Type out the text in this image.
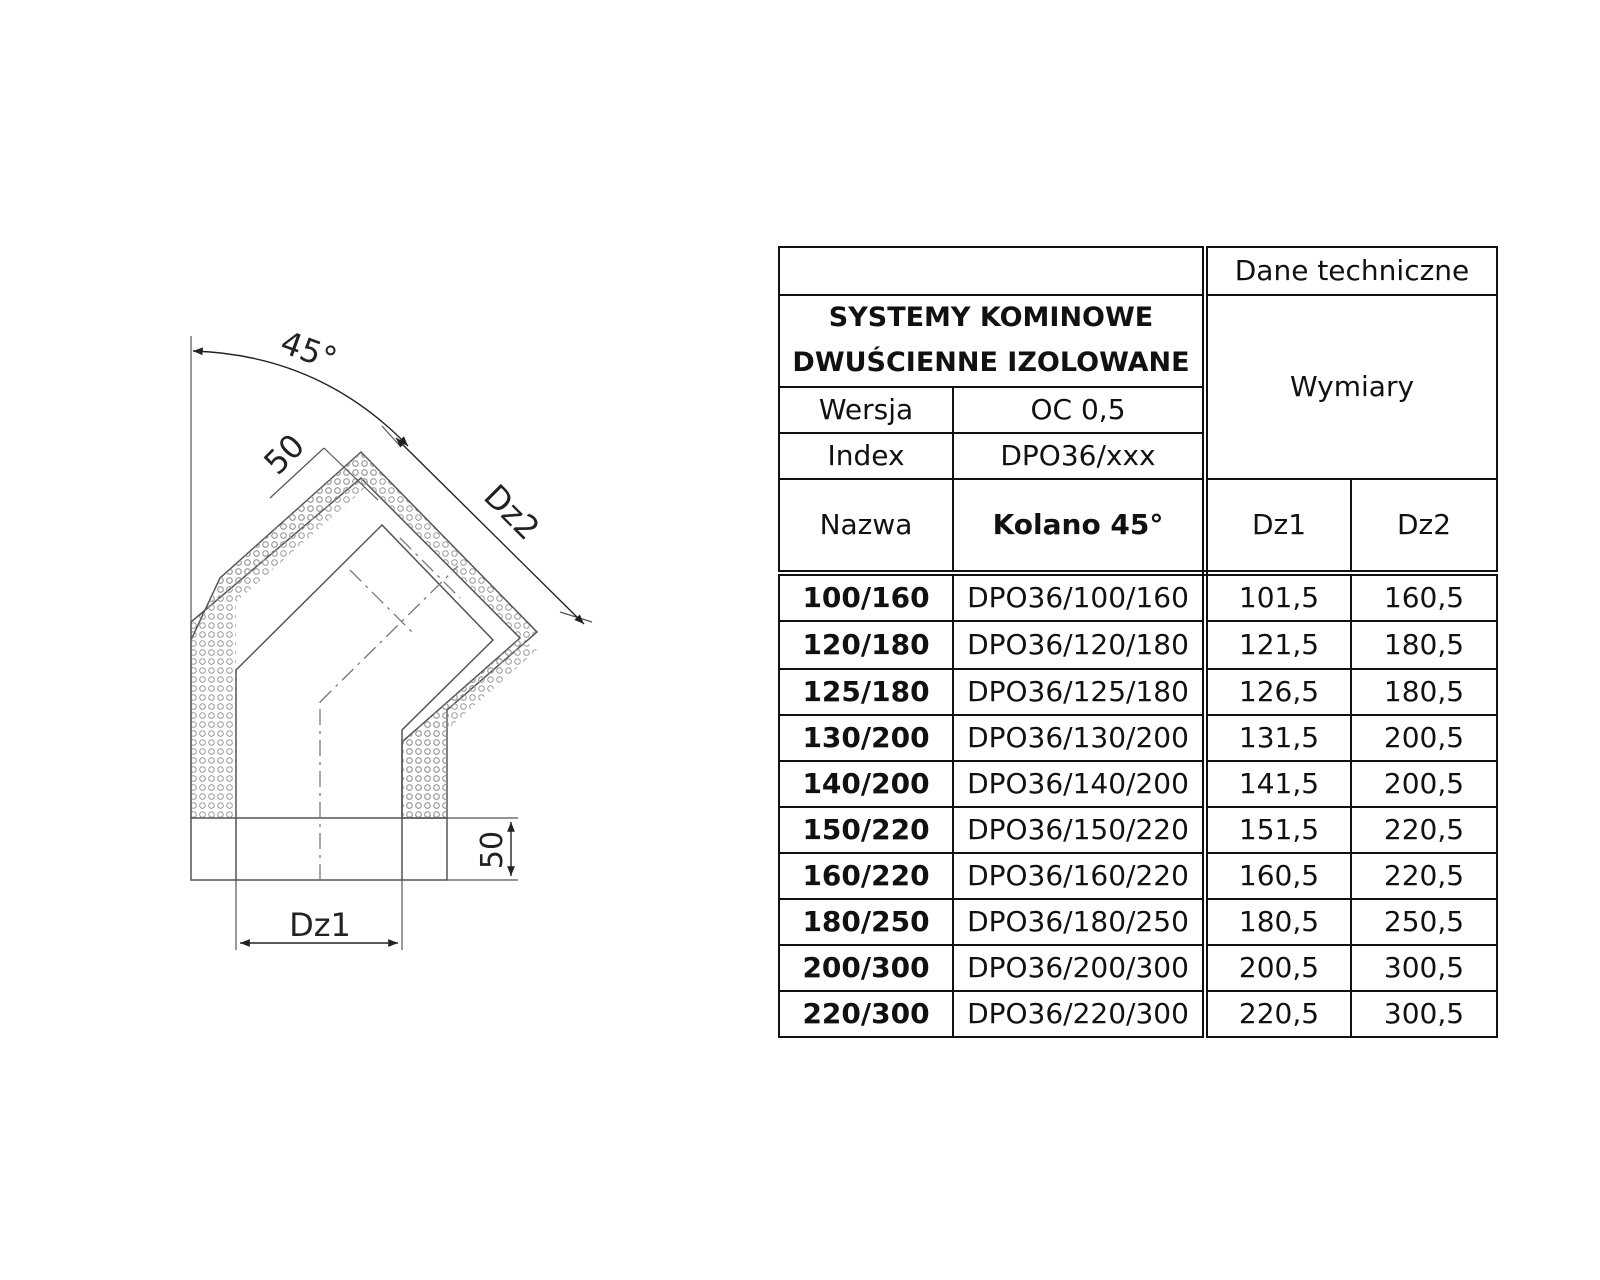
45°
Dz2
50
50
Dz1
		Dane techniczne	
SYSTEMY KOMINOWE
DWUŚCIENNE IZOLOWANE		Wymiary	
Wersja	OC 0,5		
Index	DPO36/xxx		
Nazwa	Kolano 45°	Dz1	Dz2
100/160	DPO36/100/160	101,5	160,5
120/180	DPO36/120/180	121,5	180,5
125/180	DPO36/125/180	126,5	180,5
130/200	DPO36/130/200	131,5	200,5
140/200	DPO36/140/200	141,5	200,5
150/220	DPO36/150/220	151,5	220,5
160/220	DPO36/160/220	160,5	220,5
180/250	DPO36/180/250	180,5	250,5
200/300	DPO36/200/300	200,5	300,5
220/300	DPO36/220/300	220,5	300,5
